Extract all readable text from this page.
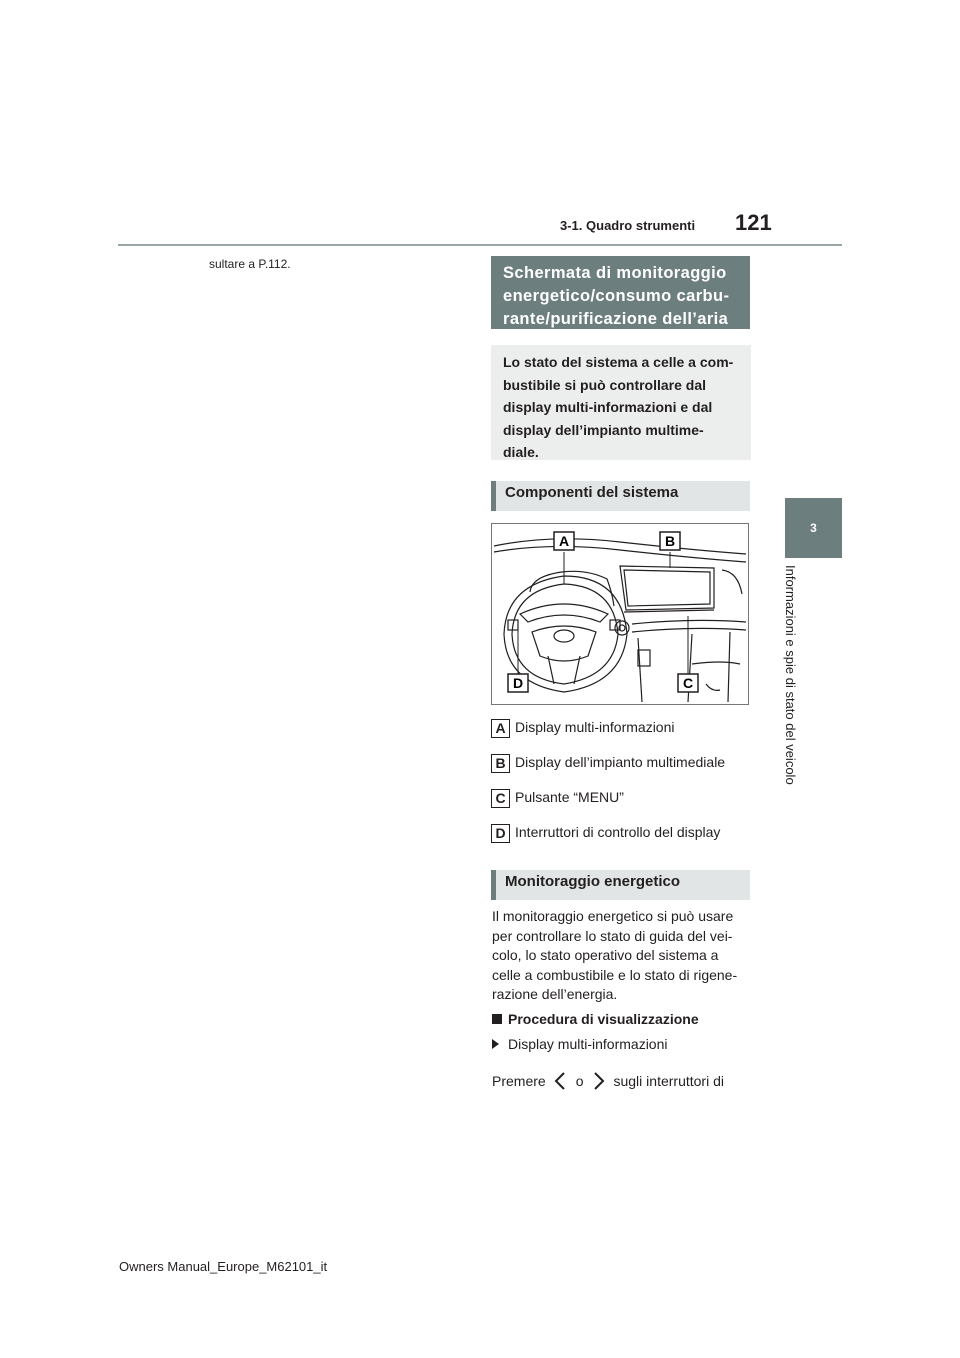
3-1. Quadro strumenti 121
3
Informazioni e spie di stato del veicolo
sultare a P.112.	Schermata di monitoraggio
energetico/consumo carbu-
rante/purificazione dell’aria
Lo stato del sistema a celle a com-
bustibile si può controllare dal
display multi-informazioni e dal
display dell’impianto multime-
diale.
Componenti del sistema
A	B
C
D
A Display multi-informazioni
B Display dell’impianto multimediale
C Pulsante “MENU”
D Interruttori di controllo del display
Monitoraggio energetico
Il monitoraggio energetico si può usare
per controllare lo stato di guida del vei-
colo, lo stato operativo del sistema a
celle a combustibile e lo stato di rigene-
razione dell’energia.
Procedura di visualizzazione
Display multi-informazioni
Premere o sugli interruttori di
Owners Manual_Europe_M62101_it
